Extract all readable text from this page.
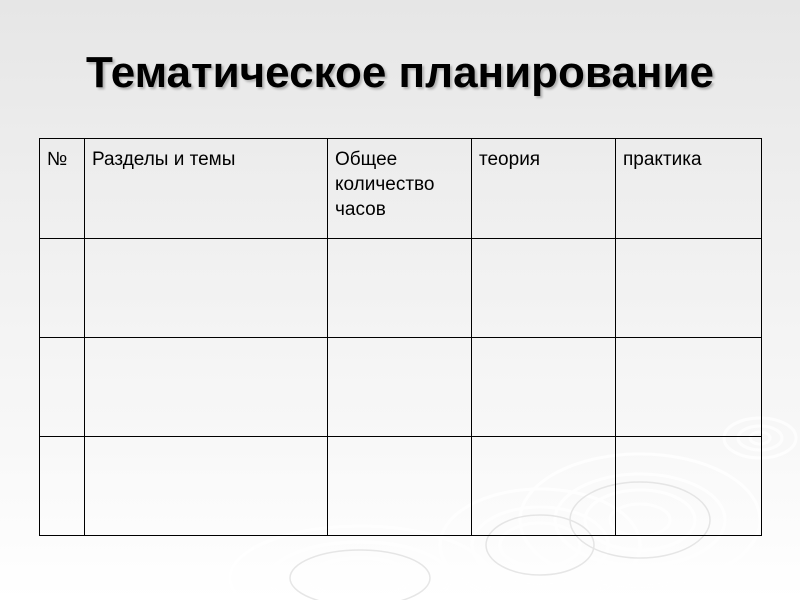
Тематическое планирование
№	Разделы и темы	Общее количество часов	теория	практика
